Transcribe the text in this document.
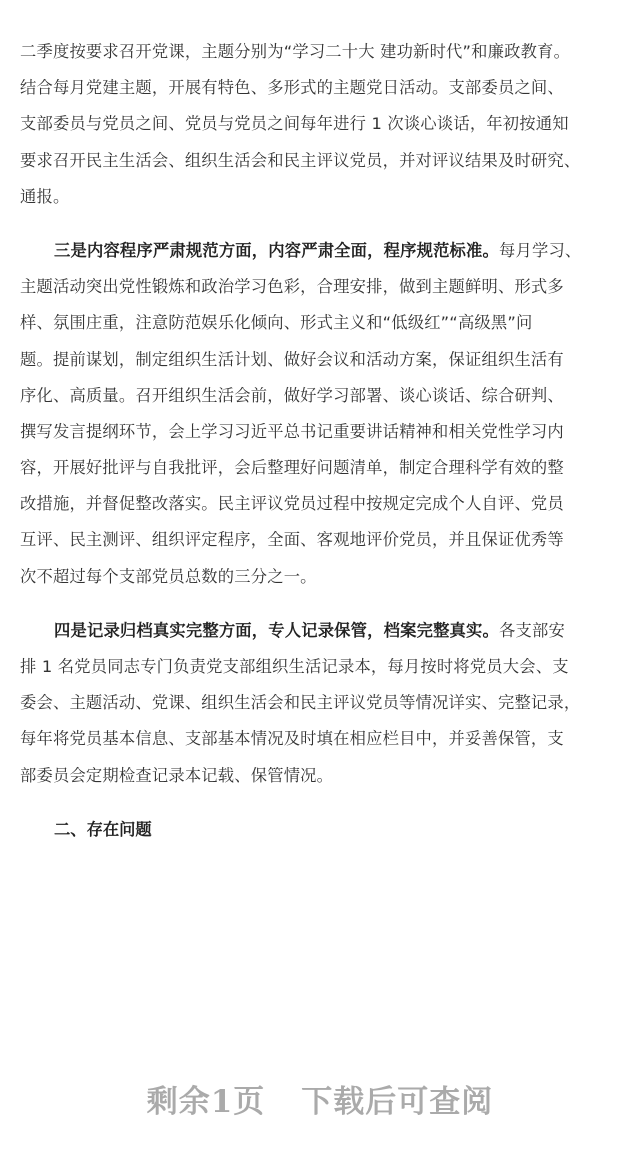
二季度按要求召开党课，主题分别为“学习二十大 建功新时代”和廉政教育。
结合每月党建主题，开展有特色、多形式的主题党日活动。支部委员之间、
支部委员与党员之间、党员与党员之间每年进行 1 次谈心谈话，年初按通知
要求召开民主生活会、组织生活会和民主评议党员，并对评议结果及时研究、
通报。
三是内容程序严肃规范方面，内容严肃全面，程序规范标准。每月学习、
主题活动突出党性锻炼和政治学习色彩，合理安排，做到主题鲜明、形式多
样、氛围庄重，注意防范娱乐化倾向、形式主义和“低级红”“高级黑”问
题。提前谋划，制定组织生活计划、做好会议和活动方案，保证组织生活有
序化、高质量。召开组织生活会前，做好学习部署、谈心谈话、综合研判、
撰写发言提纲环节，会上学习习近平总书记重要讲话精神和相关党性学习内
容，开展好批评与自我批评，会后整理好问题清单，制定合理科学有效的整
改措施，并督促整改落实。民主评议党员过程中按规定完成个人自评、党员
互评、民主测评、组织评定程序，全面、客观地评价党员，并且保证优秀等
次不超过每个支部党员总数的三分之一。
四是记录归档真实完整方面，专人记录保管，档案完整真实。各支部安
排 1 名党员同志专门负责党支部组织生活记录本，每月按时将党员大会、支
委会、主题活动、党课、组织生活会和民主评议党员等情况详实、完整记录，
每年将党员基本信息、支部基本情况及时填在相应栏目中，并妥善保管，支
部委员会定期检查记录本记载、保管情况。

二、存在问题

剩余1页 下载后可查阅
